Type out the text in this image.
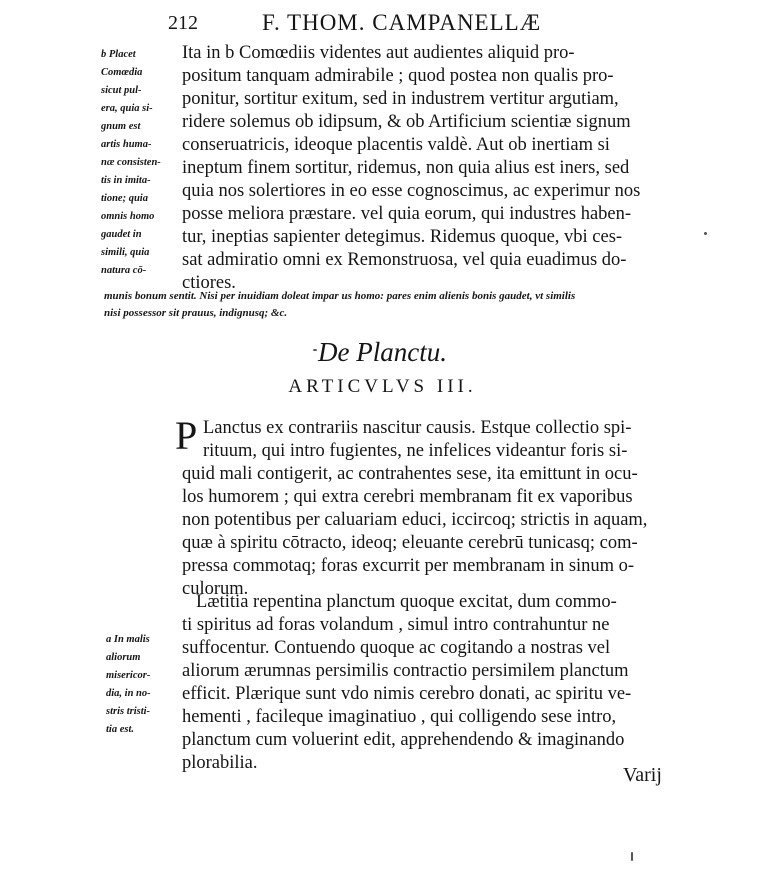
212	F. THOM. CAMPANELLÆ
Ita in b Comœdiis videntes aut audientes aliquid pro-
positum tanquam admirabile ; quod postea non qualis pro-
ponitur, sortitur exitum, sed in industrem vertitur argutiam,
ridere solemus ob idipsum, & ob Artificium scientiæ signum
conseruatricis, ideoque placentis valdè. Aut ob inertiam si
ineptum finem sortitur, ridemus, non quia alius est iners, sed
quia nos solertiores in eo esse cognoscimus, ac experimur nos
posse meliora præstare. vel quia eorum, qui industres haben-
tur, ineptias sapienter detegimus. Ridemus quoque, vbi ces-
sat admiratio omni ex Remonstruosa, vel quia euadimus do-
ctiores.
b Placet
Comœdia
sicut pul-
era, quia si-
gnum est
artis huma-
næ consisten-
tis in imita-
tione; quia
omnis homo
gaudet in
simili, quia
natura cō-
munis bonum sentit. Nisi per inuidiam doleat impar us homo: pares enim alienis bonis gaudet, vt similis
nisi possessor sit prauus, indignusq; &c.
De Planctu.
ARTICVLVS III.
P Lanctus ex contrariis nascitur causis. Estque collectio spi-
rituum, qui intro fugientes, ne infelices videantur foris si-
quid mali contigerit, ac contrahentes sese, ita emittunt in ocu-
los humorem ; qui extra cerebri membranam fit ex vaporibus
non potentibus per caluariam educi, iccircoq; strictis in aquam,
quæ à spiritu cōtracto, ideoq; eleuante cerebrū tunicasq; com-
pressa commotaq; foras excurrit per membranam in sinum o-
culorum.
Lætitia repentina planctum quoque excitat, dum commo-
ti spiritus ad foras volandum , simul intro contrahuntur ne
suffocentur. Contuendo quoque ac cogitando a nostras vel
aliorum ærumnas persimilis contractio persimilem planctum
efficit. Plærique sunt vdo nimis cerebro donati, ac spiritu ve-
hementi , facileque imaginatiuo , qui colligendo sese intro,
planctum cum voluerint edit, apprehendendo & imaginando
plorabilia.
a In malis
aliorum
misericor-
dia, in no-
stris tristi-
tia est.
Varij
